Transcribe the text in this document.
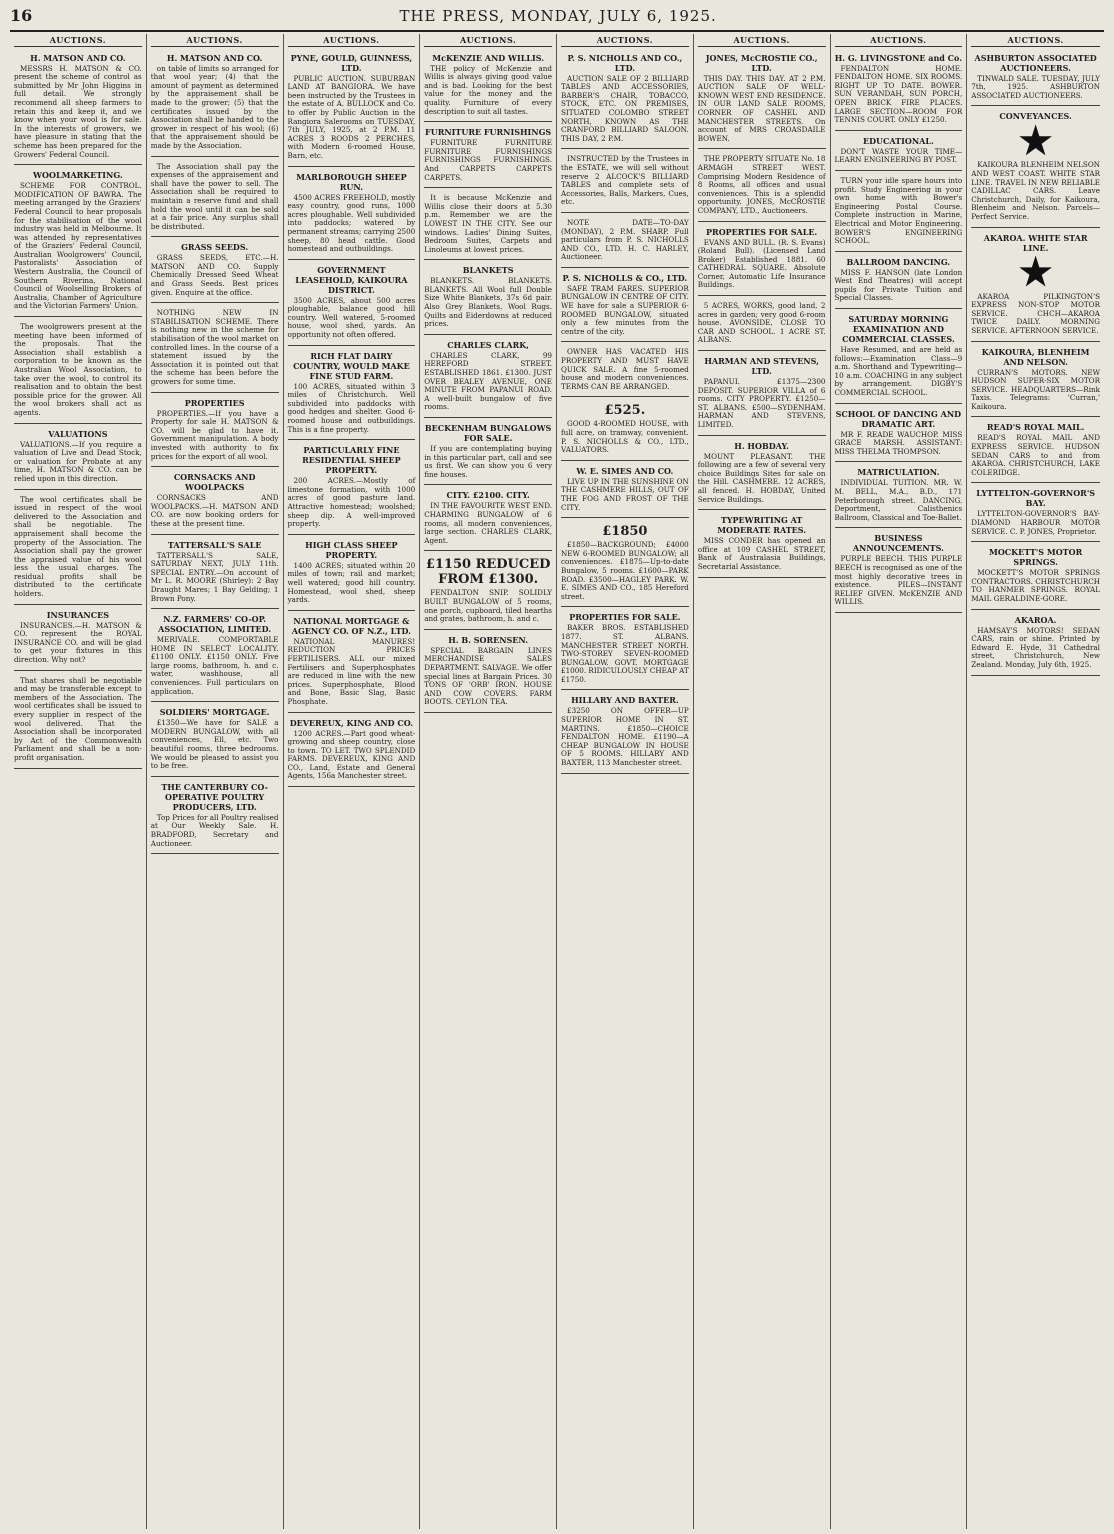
16	THE PRESS, MONDAY, JULY 6, 1925.
AUCTIONS.
H. MATSON AND CO.

MESSRS H. MATSON & CO. present the scheme of control as submitted by Mr John Higgins in full detail. We strongly recommend all sheep farmers to retain this and keep it, and we know when your wool is for sale. In the interests of growers, we have pleasure in stating that the scheme has been prepared for the Growers' Federal Council.

WOOLMARKETING.

SCHEME FOR CONTROL. MODIFICATION OF BAWRA. The meeting arranged by the Graziers' Federal Council to hear proposals for the stabilisation of the wool industry was held in Melbourne. It was attended by representatives of the Graziers' Federal Council, Australian Woolgrowers' Council, Pastoralists' Association of Western Australia, the Council of Southern Riverina, National Council of Woolselling Brokers of Australia, Chamber of Agriculture and the Victorian Farmers' Union.

The woolgrowers present at the meeting have been informed of the proposals. That the Association shall establish a corporation to be known as the Australian Wool Association, to take over the wool, to control its realisation and to obtain the best possible price for the grower. All the wool brokers shall act as agents.

VALUATIONS

VALUATIONS.—If you require a valuation of Live and Dead Stock, or valuation for Probate at any time, H. MATSON & CO. can be relied upon in this direction.

The wool certificates shall be issued in respect of the wool delivered to the Association and shall be negotiable. The appraisement shall become the property of the Association. The Association shall pay the grower the appraised value of his wool less the usual charges. The residual profits shall be distributed to the certificate holders.

INSURANCES

INSURANCES.—H. MATSON & CO. represent the ROYAL INSURANCE CO. and will be glad to get your fixtures in this direction. Why not?

That shares shall be negotiable and may be transferable except to members of the Association. The wool certificates shall be issued to every supplier in respect of the wool delivered. That the Association shall be incorporated by Act of the Commonwealth Parliament and shall be a non-profit organisation.

AUCTIONS.
H. MATSON AND CO.

on table of limits so arranged for that wool year; (4) that the amount of payment as determined by the appraisement shall be made to the grower; (5) that the certificates issued by the Association shall be handed to the grower in respect of his wool; (6) that the appraisement should be made by the Association.

The Association shall pay the expenses of the appraisement and shall have the power to sell. The Association shall be required to maintain a reserve fund and shall hold the wool until it can be sold at a fair price. Any surplus shall be distributed.

GRASS SEEDS.

GRASS SEEDS, ETC.—H. MATSON AND CO. Supply Chemically Dressed Seed Wheat and Grass Seeds. Best prices given. Enquire at the office.

NOTHING NEW IN STABILISATION SCHEME. There is nothing new in the scheme for stabilisation of the wool market on controlled lines. In the course of a statement issued by the Association it is pointed out that the scheme has been before the growers for some time.

PROPERTIES

PROPERTIES.—If you have a Property for sale H. MATSON & CO. will be glad to have it. Government manipulation. A body invested with authority to fix prices for the export of all wool.

CORNSACKS AND WOOLPACKS

CORNSACKS AND WOOLPACKS.—H. MATSON AND CO. are now booking orders for these at the present time.

TATTERSALL'S SALE

TATTERSALL'S SALE, SATURDAY NEXT, JULY 11th. SPECIAL ENTRY.—On account of Mr L. R. MOORE (Shirley): 2 Bay Draught Mares; 1 Bay Gelding; 1 Brown Pony.

N.Z. FARMERS' CO-OP. ASSOCIATION, LIMITED.

MERIVALE. COMFORTABLE HOME IN SELECT LOCALITY. £1100 ONLY. £1150 ONLY. Five large rooms, bathroom, h. and c. water, washhouse, all conveniences. Full particulars on application.

SOLDIERS' MORTGAGE.

£1350—We have for SALE a MODERN BUNGALOW, with all conveniences, Ell, etc. Two beautiful rooms, three bedrooms. We would be pleased to assist you to be free.

THE CANTERBURY CO-OPERATIVE POULTRY PRODUCERS, LTD.

Top Prices for all Poultry realised at Our Weekly Sale. H. BRADFORD, Secretary and Auctioneer.

AUCTIONS.
PYNE, GOULD, GUINNESS, LTD.

PUBLIC AUCTION. SUBURBAN LAND AT BANGIORA. We have been instructed by the Trustees in the estate of A. BULLOCK and Co. to offer by Public Auction in the Rangiora Salerooms on TUESDAY, 7th JULY, 1925, at 2 P.M. 11 ACRES 3 ROODS 2 PERCHES, with Modern 6-roomed House, Barn, etc.

MARLBOROUGH SHEEP RUN.

4500 ACRES FREEHOLD, mostly easy country, good runs, 1000 acres ploughable. Well subdivided into paddocks; watered by permanent streams; carrying 2500 sheep, 80 head cattle. Good homestead and outbuildings.

GOVERNMENT LEASEHOLD, KAIKOURA DISTRICT.

3500 ACRES, about 500 acres ploughable, balance good hill country. Well watered, 5-roomed house, wool shed, yards. An opportunity not often offered.

RICH FLAT DAIRY COUNTRY, WOULD MAKE FINE STUD FARM.

100 ACRES, situated within 3 miles of Christchurch. Well subdivided into paddocks with good hedges and shelter. Good 6-roomed house and outbuildings. This is a fine property.

PARTICULARLY FINE RESIDENTIAL SHEEP PROPERTY.

200 ACRES.—Mostly of limestone formation, with 1000 acres of good pasture land. Attractive homestead; woolshed; sheep dip. A well-improved property.

HIGH CLASS SHEEP PROPERTY.

1400 ACRES; situated within 20 miles of town; rail and market; well watered; good hill country. Homestead, wool shed, sheep yards.

NATIONAL MORTGAGE & AGENCY CO. OF N.Z., LTD.

NATIONAL MANURES! REDUCTION PRICES FERTILISERS. ALL our mixed Fertilisers and Superphosphates are reduced in line with the new prices. Superphosphate, Blood and Bone, Basic Slag, Basic Phosphate.

DEVEREUX, KING AND CO.

1200 ACRES.—Part good wheat-growing and sheep country, close to town. TO LET. TWO SPLENDID FARMS. DEVEREUX, KING AND CO., Land, Estate and General Agents, 156a Manchester street.

AUCTIONS.
McKENZIE AND WILLIS.

THE policy of McKenzie and Willis is always giving good value and is bad. Looking for the best value for the money and the quality. Furniture of every description to suit all tastes.

FURNITURE FURNISHINGS

FURNITURE FURNITURE FURNITURE FURNISHINGS FURNISHINGS FURNISHINGS. And CARPETS CARPETS CARPETS.

It is because McKenzie and Willis close their doors at 5.30 p.m. Remember we are the LOWEST IN THE CITY. See our windows. Ladies' Dining Suites, Bedroom Suites, Carpets and Linoleums at lowest prices.

BLANKETS

BLANKETS. BLANKETS. BLANKETS. All Wool full Double Size White Blankets, 37s 6d pair. Also Grey Blankets. Wool Rugs. Quilts and Eiderdowns at reduced prices.

CHARLES CLARK,

CHARLES CLARK, 99 HEREFORD STREET. ESTABLISHED 1861. £1300. JUST OVER BEALEY AVENUE, ONE MINUTE FROM PAPANUI ROAD. A well-built bungalow of five rooms.

BECKENHAM BUNGALOWS FOR SALE.

If you are contemplating buying in this particular part, call and see us first. We can show you 6 very fine houses.

CITY. £2100. CITY.

IN THE FAVOURITE WEST END. CHARMING BUNGALOW of 6 rooms, all modern conveniences, large section. CHARLES CLARK, Agent.

£1150 REDUCED FROM £1300.

FENDALTON SNIP. SOLIDLY BUILT BUNGALOW of 5 rooms, one porch, cupboard, tiled hearths and grates, bathroom, h. and c.

H. B. SORENSEN.

SPECIAL BARGAIN LINES MERCHANDISE SALES DEPARTMENT. SALVAGE. We offer special lines at Bargain Prices. 30 TONS OF 'ORB' IRON. HOUSE AND COW COVERS. FARM BOOTS. CEYLON TEA.

AUCTIONS.
P. S. NICHOLLS AND CO., LTD.

AUCTION SALE OF 2 BILLIARD TABLES AND ACCESSORIES, BARBER'S CHAIR, TOBACCO, STOCK, ETC. ON PREMISES, SITUATED COLOMBO STREET NORTH, KNOWN AS THE CRANFORD BILLIARD SALOON. THIS DAY, 2 P.M.

INSTRUCTED by the Trustees in the ESTATE, we will sell without reserve 2 ALCOCK'S BILLIARD TABLES and complete sets of Accessories, Balls, Markers, Cues, etc.

NOTE DATE—TO-DAY (MONDAY), 2 P.M. SHARP. Full particulars from P. S. NICHOLLS AND CO., LTD. H. C. HARLEY, Auctioneer.

P. S. NICHOLLS & CO., LTD.

SAFE TRAM FARES. SUPERIOR BUNGALOW IN CENTRE OF CITY. WE have for sale a SUPERIOR 6-ROOMED BUNGALOW, situated only a few minutes from the centre of the city.

OWNER HAS VACATED HIS PROPERTY AND MUST HAVE QUICK SALE. A fine 5-roomed house and modern conveniences. TERMS CAN BE ARRANGED.

£525.

GOOD 4-ROOMED HOUSE, with full acre, on tramway, convenient. P. S. NICHOLLS & CO., LTD., VALUATORS.

W. E. SIMES AND CO.

LIVE UP IN THE SUNSHINE ON THE CASHMERE HILLS, OUT OF THE FOG AND FROST OF THE CITY.

£1850

£1850—BACKGROUND; £4000 NEW 6-ROOMED BUNGALOW; all conveniences. £1875—Up-to-date Bungalow, 5 rooms. £1600—PARK ROAD. £3500—HAGLEY PARK. W. E. SIMES AND CO., 185 Hereford street.

PROPERTIES FOR SALE.

BAKER BROS. ESTABLISHED 1877. ST. ALBANS. MANCHESTER STREET NORTH. TWO-STOREY SEVEN-ROOMED BUNGALOW. GOVT. MORTGAGE £1000. RIDICULOUSLY CHEAP AT £1750.

HILLARY AND BAXTER.

£3250 ON OFFER—UP SUPERIOR HOME IN ST. MARTINS. £1850—CHOICE FENDALTON HOME. £1190—A CHEAP BUNGALOW IN HOUSE OF 5 ROOMS. HILLARY AND BAXTER, 113 Manchester street.

AUCTIONS.
JONES, McCROSTIE CO., LTD.

THIS DAY. THIS DAY. AT 2 P.M. AUCTION SALE OF WELL-KNOWN WEST END RESIDENCE. IN OUR LAND SALE ROOMS, CORNER OF CASHEL AND MANCHESTER STREETS. On account of MRS CROASDAILE BOWEN.

THE PROPERTY SITUATE No. 18 ARMAGH STREET WEST. Comprising Modern Residence of 8 Rooms, all offices and usual conveniences. This is a splendid opportunity. JONES, McCROSTIE COMPANY, LTD., Auctioneers.

PROPERTIES FOR SALE.

EVANS AND BULL. (R. S. Evans) (Roland Bull). (Licensed Land Broker) Established 1881. 60 CATHEDRAL SQUARE. Absolute Corner, Automatic Life Insurance Buildings.

5 ACRES, WORKS, good land, 2 acres in garden; very good 6-room house. AVONSIDE, CLOSE TO CAR AND SCHOOL. 1 ACRE ST. ALBANS.

HARMAN AND STEVENS, LTD.

PAPANUI. £1375—2300 DEPOSIT. SUPERIOR VILLA of 6 rooms. CITY PROPERTY. £1250—ST. ALBANS. £500—SYDENHAM. HARMAN AND STEVENS, LIMITED.

H. HOBDAY.

MOUNT PLEASANT. THE following are a few of several very choice Buildings Sites for sale on the Hill. CASHMERE. 12 ACRES, all fenced. H. HOBDAY, United Service Buildings.

TYPEWRITING AT MODERATE RATES.

MISS CONDER has opened an office at 109 CASHEL STREET, Bank of Australasia Buildings, Secretarial Assistance.

AUCTIONS.
H. G. LIVINGSTONE and Co.

FENDALTON HOME. FENDALTON HOME. SIX ROOMS. RIGHT UP TO DATE. BOWER. SUN VERANDAH, SUN PORCH, OPEN BRICK FIRE PLACES. LARGE SECTION—ROOM FOR TENNIS COURT. ONLY £1250.

EDUCATIONAL.

DON'T WASTE YOUR TIME—LEARN ENGINEERING BY POST.

TURN your idle spare hours into profit. Study Engineering in your own home with Bower's Engineering Postal Course. Complete instruction in Marine, Electrical and Motor Engineering. BOWER'S ENGINEERING SCHOOL.

BALLROOM DANCING.

MISS F. HANSON (late London West End Theatres) will accept pupils for Private Tuition and Special Classes.

SATURDAY MORNING EXAMINATION AND COMMERCIAL CLASSES.

Have Resumed, and are held as follows:—Examination Class—9 a.m. Shorthand and Typewriting—10 a.m. COACHING in any subject by arrangement. DIGBY'S COMMERCIAL SCHOOL.

SCHOOL OF DANCING AND DRAMATIC ART.

MR F. READE WAUCHOP. MISS GRACE MARSH. ASSISTANT: MISS THELMA THOMPSON.

MATRICULATION.

INDIVIDUAL TUITION. MR. W. M. BELL, M.A., B.D., 171 Peterborough street. DANCING. Deportment, Calisthenics Ballroom, Classical and Toe-Ballet.

BUSINESS ANNOUNCEMENTS.

PURPLE BEECH. THIS PURPLE BEECH is recognised as one of the most highly decorative trees in existence. PILES—INSTANT RELIEF GIVEN. McKENZIE AND WILLIS.

AUCTIONS.
ASHBURTON ASSOCIATED AUCTIONEERS.

TINWALD SALE. TUESDAY, JULY 7th, 1925. ASHBURTON ASSOCIATED AUCTIONEERS.

CONVEYANCES.

KAIKOURA BLENHEIM NELSON AND WEST COAST. WHITE STAR LINE. TRAVEL IN NEW RELIABLE CADILLAC CARS. Leave Christchurch, Daily, for Kaikoura, Blenheim and Nelson. Parcels—Perfect Service.

AKAROA. WHITE STAR LINE.

AKAROA PILKINGTON'S EXPRESS NON-STOP MOTOR SERVICE. CHCH—AKAROA TWICE DAILY. MORNING SERVICE. AFTERNOON SERVICE.

KAIKOURA, BLENHEIM AND NELSON.

CURRAN'S MOTORS. NEW HUDSON SUPER-SIX MOTOR SERVICE. HEADQUARTERS—Rink Taxis. Telegrams: 'Curran,' Kaikoura.

READ'S ROYAL MAIL.

READ'S ROYAL MAIL AND EXPRESS SERVICE. HUDSON SEDAN CARS to and from AKAROA. CHRISTCHURCH, LAKE COLERIDGE.

LYTTELTON-GOVERNOR'S BAY.

LYTTELTON-GOVERNOR'S BAY-DIAMOND HARBOUR MOTOR SERVICE. C. P. JONES, Proprietor.

MOCKETT'S MOTOR SPRINGS.

MOCKETT'S MOTOR SPRINGS CONTRACTORS. CHRISTCHURCH TO HANMER SPRINGS. ROYAL MAIL GERALDINE-GORE.

AKAROA.

HAMSAY'S MOTORS! SEDAN CARS, rain or shine. Printed by Edward E. Hyde, 31 Cathedral street, Christchurch, New Zealand. Monday, July 6th, 1925.
